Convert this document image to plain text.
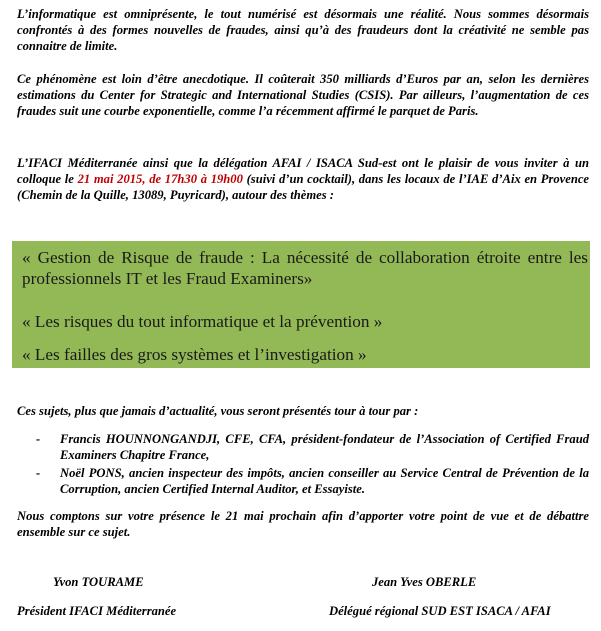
L’informatique est omniprésente, le tout numérisé est désormais une réalité. Nous sommes désormais confrontés à des formes nouvelles de fraudes, ainsi qu’à des fraudeurs dont la créativité ne semble pas connaitre de limite.

Ce phénomène est loin d’être anecdotique. Il coûterait 350 milliards d’Euros par an, selon les dernières estimations du Center for Strategic and International Studies (CSIS). Par ailleurs, l’augmentation de ces fraudes suit une courbe exponentielle, comme l’a récemment affirmé le parquet de Paris.

L’IFACI Méditerranée ainsi que la délégation AFAI / ISACA Sud-est ont le plaisir de vous inviter à un colloque le 21 mai 2015, de 17h30 à 19h00 (suivi d’un cocktail), dans les locaux de l’IAE d’Aix en Provence (Chemin de la Quille, 13089, Puyricard), autour des thèmes :

« Gestion de Risque de fraude : La nécessité de collaboration étroite entre les professionnels IT et les Fraud Examiners»

« Les risques du tout informatique et la prévention »

« Les failles des gros systèmes et l’investigation »

Ces sujets, plus que jamais d’actualité, vous seront présentés tour à tour par :

- Francis HOUNNONGANDJI, CFE, CFA, président-fondateur de l’Association of Certified Fraud Examiners Chapitre France,
- Noël PONS, ancien inspecteur des impôts, ancien conseiller au Service Central de Prévention de la Corruption, ancien Certified Internal Auditor, et Essayiste.

Nous comptons sur votre présence le 21 mai prochain afin d’apporter votre point de vue et de débattre ensemble sur ce sujet.

Yvon TOURAME

Président IFACI Méditerranée

Jean Yves OBERLE

Délégué régional SUD EST ISACA / AFAI
